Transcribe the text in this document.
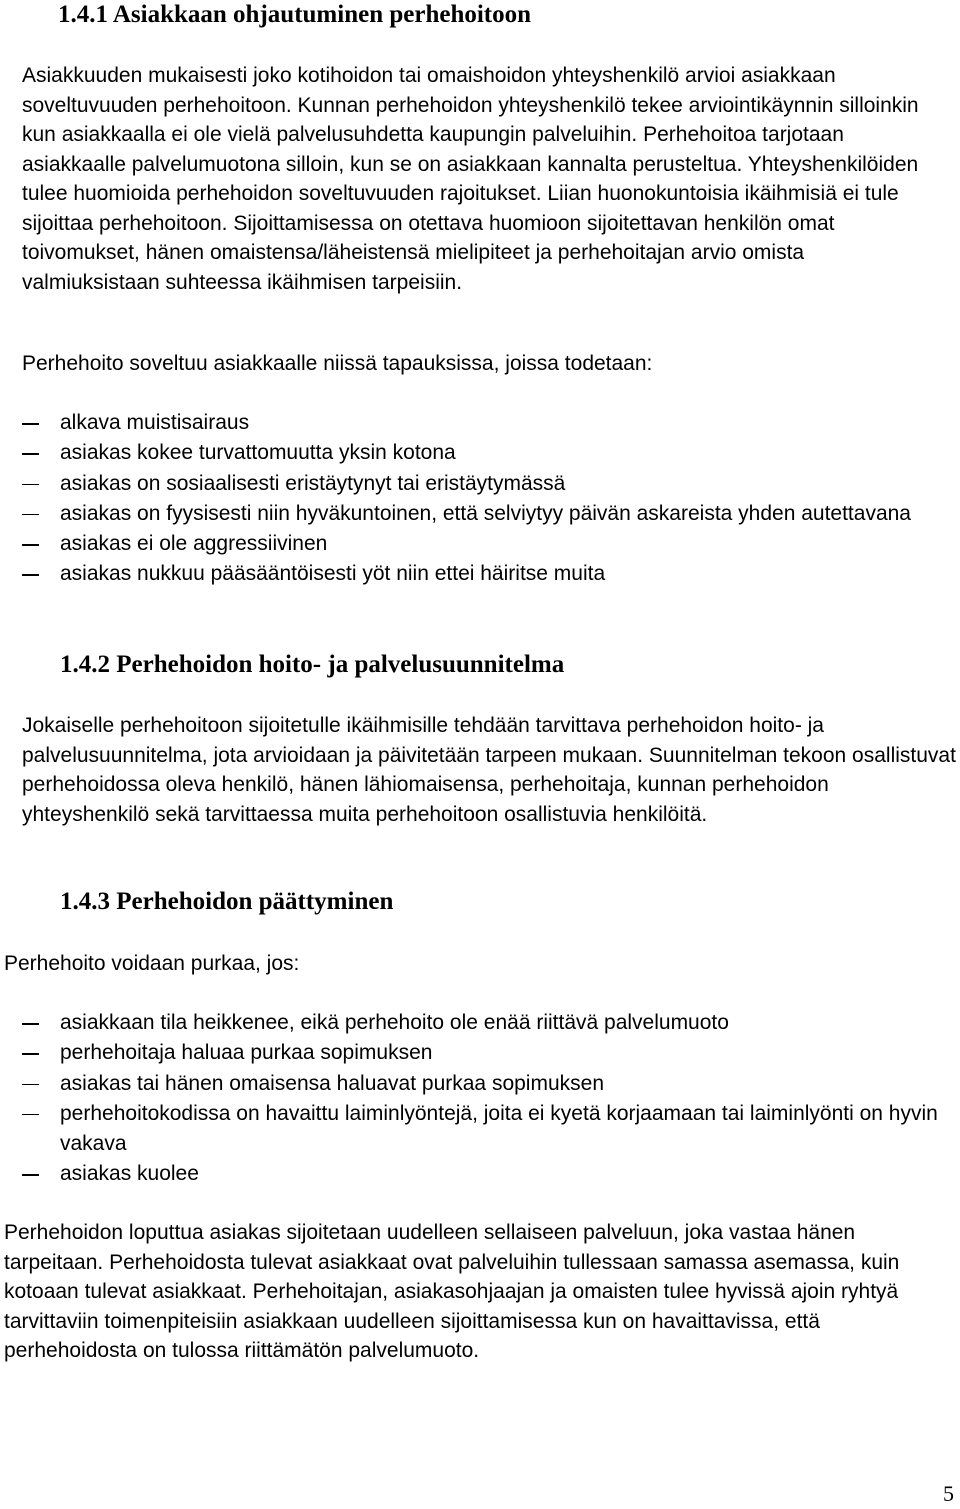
1.4.1 Asiakkaan ohjautuminen perhehoitoon

Asiakkuuden mukaisesti joko kotihoidon tai omaishoidon yhteyshenkilö arvioi asiakkaan soveltuvuuden perhehoitoon. Kunnan perhehoidon yhteyshenkilö tekee arviointikäynnin silloinkin kun asiakkaalla ei ole vielä palvelusuhdetta kaupungin palveluihin. Perhehoitoa tarjotaan asiakkaalle palvelumuotona silloin, kun se on asiakkaan kannalta perusteltua. Yhteyshenkilöiden tulee huomioida perhehoidon soveltuvuuden rajoitukset. Liian huonokuntoisia ikäihmisiä ei tule sijoittaa perhehoitoon. Sijoittamisessa on otettava huomioon sijoitettavan henkilön omat toivomukset, hänen omaistensa/läheistensä mielipiteet ja perhehoitajan arvio omista valmiuksistaan suhteessa ikäihmisen tarpeisiin.

Perhehoito soveltuu asiakkaalle niissä tapauksissa, joissa todetaan:

alkava muistisairaus
asiakas kokee turvattomuutta yksin kotona
asiakas on sosiaalisesti eristäytynyt tai eristäytymässä
asiakas on fyysisesti niin hyväkuntoinen, että selviytyy päivän askareista yhden autettavana
asiakas ei ole aggressiivinen
asiakas nukkuu pääsääntöisesti yöt niin ettei häiritse muita
1.4.2 Perhehoidon hoito- ja palvelusuunnitelma

Jokaiselle perhehoitoon sijoitetulle ikäihmisille tehdään tarvittava perhehoidon hoito- ja palvelusuunnitelma, jota arvioidaan ja päivitetään tarpeen mukaan. Suunnitelman tekoon osallistuvat perhehoidossa oleva henkilö, hänen lähiomaisensa, perhehoitaja, kunnan perhehoidon yhteyshenkilö sekä tarvittaessa muita perhehoitoon osallistuvia henkilöitä.

1.4.3 Perhehoidon päättyminen

Perhehoito voidaan purkaa, jos:

asiakkaan tila heikkenee, eikä perhehoito ole enää riittävä palvelumuoto
perhehoitaja haluaa purkaa sopimuksen
asiakas tai hänen omaisensa haluavat purkaa sopimuksen
perhehoitokodissa on havaittu laiminlyöntejä, joita ei kyetä korjaamaan tai laiminlyönti on hyvin vakava
asiakas kuolee

Perhehoidon loputtua asiakas sijoitetaan uudelleen sellaiseen palveluun, joka vastaa hänen tarpeitaan. Perhehoidosta tulevat asiakkaat ovat palveluihin tullessaan samassa asemassa, kuin kotoaan tulevat asiakkaat. Perhehoitajan, asiakasohjaajan ja omaisten tulee hyvissä ajoin ryhtyä tarvittaviin toimenpiteisiin asiakkaan uudelleen sijoittamisessa kun on havaittavissa, että perhehoidosta on tulossa riittämätön palvelumuoto.

5
